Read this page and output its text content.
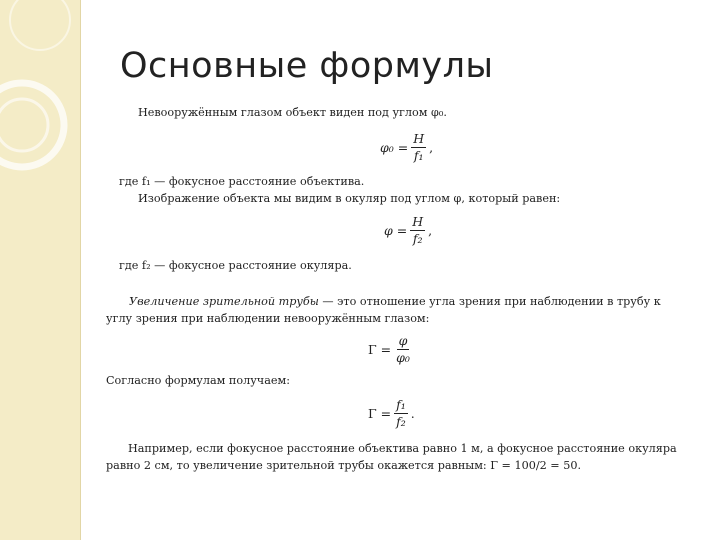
Основные формулы
Невооружённым глазом объект виден под углом φ₀.
$\varphi_0 = \frac{H}{\text{f₁}}$ ,
где f₁ — фокусное расстояние объектива.
Изображение объекта мы видим в окуляр под углом φ, который равен:
$\varphi = \frac{H}{\text{f₂}}$ ,
где f₂ — фокусное расстояние окуляра.
Увеличение зрительной трубы — это отношение угла зрения при наблюдении в трубу к
углу зрения при наблюдении невооружённым глазом:
$\Gamma = \frac{\varphi}{\text{φ₀}}$
Согласно формулам получаем:
$\Gamma = \frac{\text{f₁}}{\text{f₂}}$ .
Например, если фокусное расстояние объектива равно 1 м, а фокусное расстояние окуляра
равно 2 см, то увеличение зрительной трубы окажется равным: Γ = 100/2 = 50.
